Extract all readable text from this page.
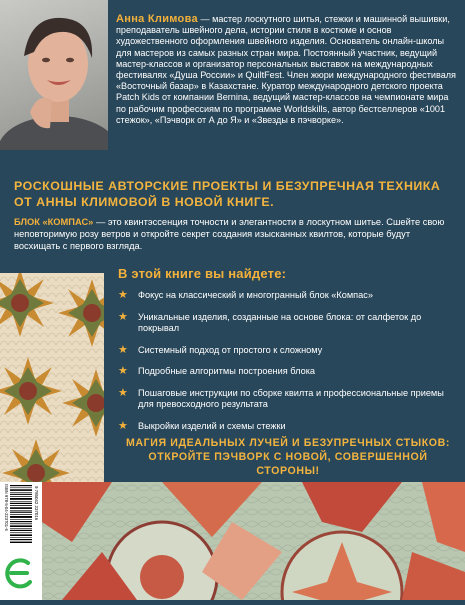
Анна Климова — мастер лоскутного шитья, стежки и машинной вышивки, преподаватель швейного дела, истории стиля в костюме и основ художественного оформления швейного изделия. Основатель онлайн-школы для мастеров из самых разных стран мира. Постоянный участник, ведущий мастер-классов и организатор персональных выставок на международных фестивалях «Душа России» и QuiltFest. Член жюри международного фестиваля «Восточный базар» в Казахстане. Куратор международного детского проекта Patch Kids от компании Bernina, ведущий мастер-классов на чемпионате мира по рабочим профессиям по программе Worldskills, автор бестселлеров «1001 стежок», «Пэчворк от А до Я» и «Звезды в пэчворке».
РОСКОШНЫЕ АВТОРСКИЕ ПРОЕКТЫ И БЕЗУПРЕЧНАЯ ТЕХНИКА ОТ АННЫ КЛИМОВОЙ В НОВОЙ КНИГЕ.
БЛОК «КОМПАС» — это квинтэссенция точности и элегантности в лоскутном шитье. Сшейте свою неповторимую розу ветров и откройте секрет создания изысканных квилтов, которые будут восхищать с первого взгляда.
В этой книге вы найдете:
★ Фокус на классический и многогранный блок «Компас»
★ Уникальные изделия, созданные на основе блока: от салфеток до покрывал
★ Системный подход от простого к сложному
★ Подробные алгоритмы построения блока
★ Пошаговые инструкции по сборке квилта и профессиональные приемы для превосходного результата
★ Выкройки изделий и схемы стежки
МАГИЯ ИДЕАЛЬНЫХ ЛУЧЕЙ И БЕЗУПРЕЧНЫХ СТЫКОВ: ОТКРОЙТЕ ПЭЧВОРК С НОВОЙ, СОВЕРШЕННОЙ СТОРОНЫ!
ISBN 978-5-04-223701-6	9 785042 237016
